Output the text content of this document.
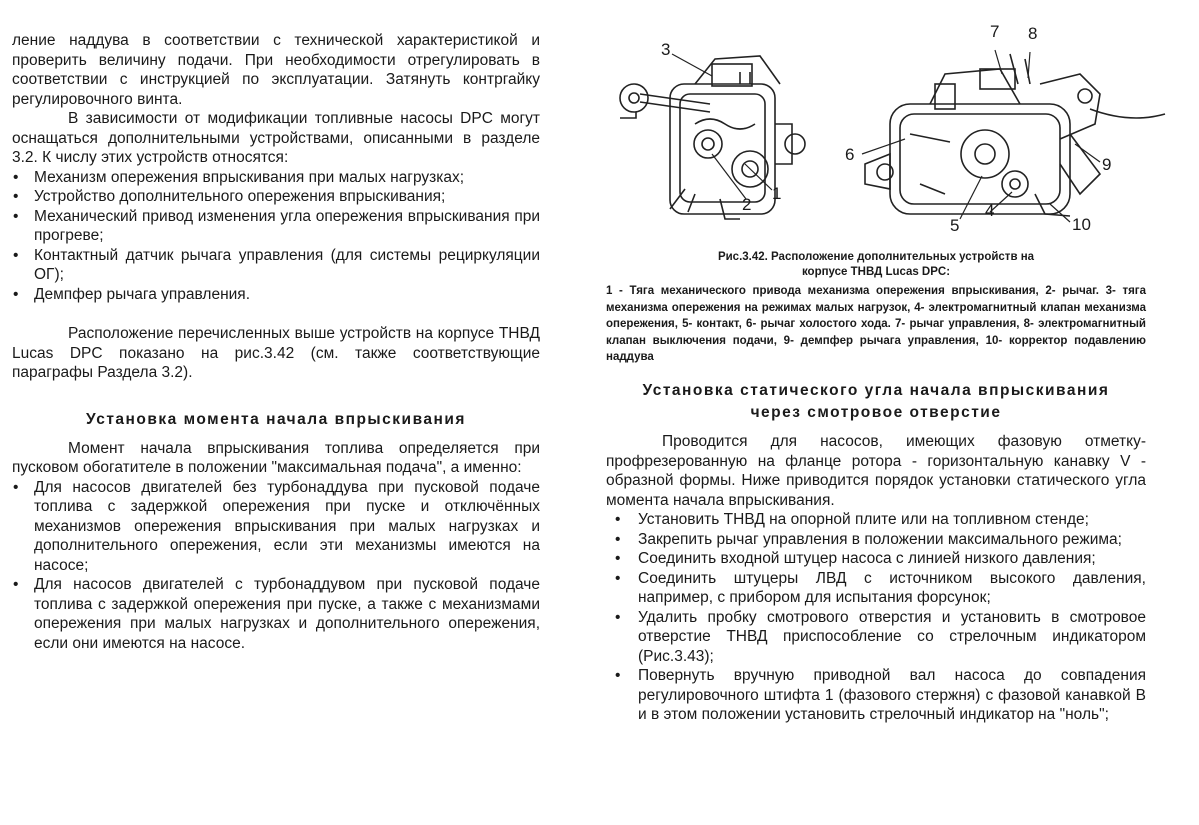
ление наддува в соответствии с технической характеристикой и проверить величину подачи. При необходимости отрегулировать в соответствии с инструкцией по эксплуатации. Затянуть контргайку регулировочного винта.

В зависимости от модификации топливные насосы DPC могут оснащаться дополнительными устройствами, описанными в разделе 3.2. К числу этих устройств относятся:

• Механизм опережения впрыскивания при малых нагрузках;
• Устройство дополнительного опережения впрыскивания;
• Механический привод изменения угла опережения впрыскивания при прогреве;
• Контактный датчик рычага управления (для системы рециркуляции ОГ);
• Демпфер рычага управления.

Расположение перечисленных выше устройств на корпусе ТНВД Lucas DPC показано на рис.3.42 (см. также соответствующие параграфы Раздела 3.2).

Установка момента начала впрыскивания

Момент начала впрыскивания топлива определяется при пусковом обогатителе в положении "максимальная подача", а именно:

• Для насосов двигателей без турбонаддува при пусковой подаче топлива с задержкой опережения при пуске и отключённых механизмов опережения впрыскивания при малых нагрузках и дополнительного опережения, если эти механизмы имеются на насосе;
• Для насосов двигателей с турбонаддувом при пусковой подаче топлива с задержкой опережения при пуске, а также с механизмами опережения при малых нагрузках и дополнительного опережения, если они имеются на насосе.
3
1
2
7 8
6
9
5
4
10
Рис.3.42. Расположение дополнительных устройств на
корпусе ТНВД Lucas DPC:
1 - Тяга механического привода механизма опережения впрыскивания, 2- рычаг. 3- тяга механизма опережения на режимах малых нагрузок, 4- электромагнитный клапан механизма опережения, 5- контакт, 6- рычаг холостого хода. 7- рычаг управления, 8- электромагнитный клапан выключения подачи, 9- демпфер рычага управления, 10- корректор подавлению наддува
Установка статического угла начала впрыскивания
через смотровое отверстие

Проводится для насосов, имеющих фазовую отметку-профрезерованную на фланце ротора - горизонтальную канавку V - образной формы. Ниже приводится порядок установки статического угла момента начала впрыскивания.

• Установить ТНВД на опорной плите или на топливном стенде;
• Закрепить рычаг управления в положении максимального режима;
• Соединить входной штуцер насоса с линией низкого давления;
• Соединить штуцеры ЛВД с источником высокого давления, например, с прибором для испытания форсунок;
• Удалить пробку смотрового отверстия и установить в смотровое отверстие ТНВД приспособление со стрелочным индикатором (Рис.3.43);
• Повернуть вручную приводной вал насоса до совпадения регулировочного штифта 1 (фазового стержня) с фазовой канавкой В и в этом положении установить стрелочный индикатор на "ноль";
